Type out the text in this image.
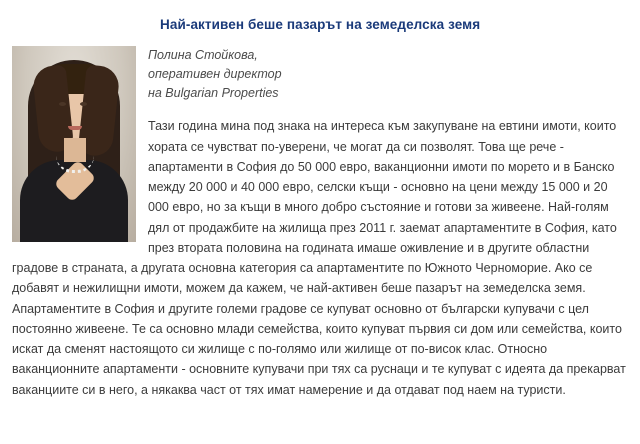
Най-активен беше пазарът на земеделска земя
Полина Стойкова,
оперативен директор
на Bulgarian Properties

Тази година мина под знака на интереса към закупуване на евтини имоти, които хората се чувстват по-уверени, че могат да си позволят. Това ще рече - апартаменти в София до 50 000 евро, ваканционни имоти по морето и в Банско между 20 000 и 40 000 евро, селски къщи - основно на цени между 15 000 и 20 000 евро, но за къщи в много добро състояние и готови за живеене. Най-голям дял от продажбите на жилища през 2011 г. заемат апартаментите в София, като през втората половина на годината имаше оживление и в другите областни градове в страната, а другата основна категория са апартаментите по Южното Черноморие. Ако се добавят и нежилищни имоти, можем да кажем, че най-активен беше пазарът на земеделска земя. Апартаментите в София и другите големи градове се купуват основно от български купувачи с цел постоянно живеене. Те са основно млади семейства, които купуват първия си дом или семейства, които искат да сменят настоящото си жилище с по-голямо или жилище от по-висок клас. Относно ваканционните апартаменти - основните купувачи при тях са руснаци и те купуват с идеята да прекарват ваканциите си в него, а някаква част от тях имат намерение и да отдават под наем на туристи.
